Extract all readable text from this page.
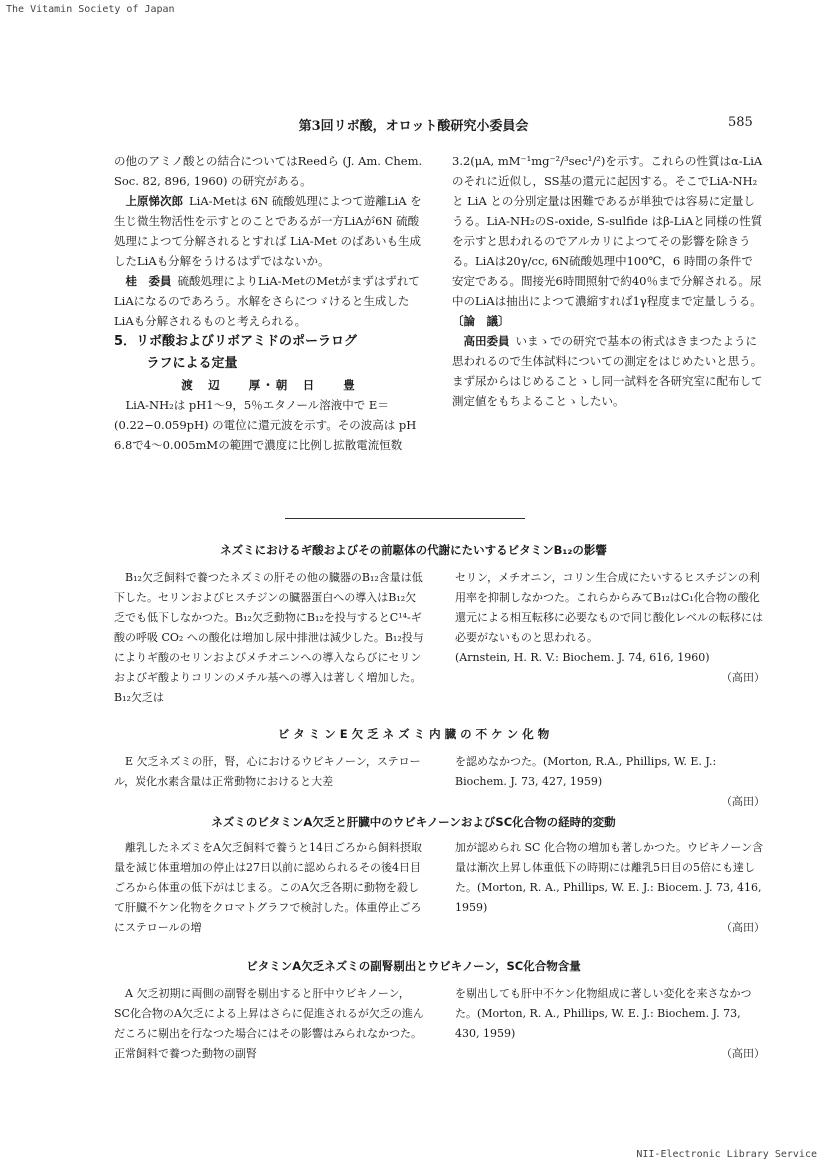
The Vitamin Society of Japan
NII-Electronic Library Service
第3回リボ酸，オロット酸研究小委員会	585

の他のアミノ酸との結合についてはReedら (J. Am. Chem. Soc. 82, 896, 1960) の研究がある。

上原悌次郎 LiA-Metは 6N 硫酸処理によつて遊離LiA を生じ微生物活性を示すとのことであるが一方LiAが6N 硫酸処理によつて分解されるとすれば LiA-Met のばあいも生成したLiAも分解をうけるはずではないか。

桂　委員 硫酸処理によりLiA-MetのMetがまずはずれてLiAになるのであろう。水解をさらにつゞけると生成したLiAも分解されるものと考えられる。

5．リボ酸およびリボアミドのポーラログ

ラフによる定量

渡　辺　　厚・朝　日　　豊

LiA-NH₂は pH1〜9，5％エタノール溶液中で E＝(0.22−0.059pH) の電位に還元波を示す。その波高は pH 6.8で4〜0.005mMの範囲で濃度に比例し拡散電流恒数

3.2(μA, mM⁻¹mg⁻²/³sec¹/²)を示す。これらの性質はα-LiAのそれに近似し，SS基の還元に起因する。そこでLiA-NH₂ と LiA との分別定量は困難であるが単独では容易に定量しうる。LiA-NH₂のS-oxide, S-sulfide はβ-LiAと同様の性質を示すと思われるのでアルカリによつてその影響を除きうる。LiAは20γ/cc, 6N硫酸処理中100℃，6 時間の条件で安定である。間接光6時間照射で約40％まで分解される。尿中のLiAは抽出によつて濃縮すれば1γ程度まで定量しうる。

〔論　議〕

高田委員 いまゝでの研究で基本の術式はきまつたように思われるので生体試料についての測定をはじめたいと思う。まず尿からはじめることゝし同一試料を各研究室に配布して測定値をもちよることゝしたい。

ネズミにおけるギ酸およびその前駆体の代謝にたいするビタミンB₁₂の影響

B₁₂欠乏飼料で養つたネズミの肝その他の臓器のB₁₂含量は低下した。セリンおよびヒスチジンの臓器蛋白への導入はB₁₂欠乏でも低下しなかつた。B₁₂欠乏動物にB₁₂を投与するとC¹⁴-ギ酸の呼吸 CO₂ への酸化は増加し尿中排泄は減少した。B₁₂投与によりギ酸のセリンおよびメチオニンへの導入ならびにセリンおよびギ酸よりコリンのメチル基への導入は著しく増加した。B₁₂欠乏は

セリン，メチオニン，コリン生合成にたいするヒスチジンの利用率を抑制しなかつた。これらからみてB₁₂はC₁化合物の酸化還元による相互転移に必要なもので同じ酸化レベルの転移には必要がないものと思われる。

(Arnstein, H. R. V.: Biochem. J. 74, 616, 1960)

（高田）

ビ タ ミ ン E 欠 乏 ネ ズ ミ 内 臓 の 不 ケ ン 化 物

E 欠乏ネズミの肝，腎，心におけるウビキノーン，ステロール，炭化水素含量は正常動物におけると大差

を認めなかつた。(Morton, R.A., Phillips, W. E. J.: Biochem. J. 73, 427, 1959)

（高田）

ネズミのビタミンA欠乏と肝臓中のウビキノーンおよびSC化合物の経時的変動

離乳したネズミをA欠乏飼料で養うと14日ごろから飼料摂取量を減じ体重増加の停止は27日以前に認められるその後4日目ごろから体重の低下がはじまる。このA欠乏各期に動物を殺して肝臓不ケン化物をクロマトグラフで検討した。体重停止ごろにステロールの増

加が認められ SC 化合物の増加も著しかつた。ウビキノーン含量は漸次上昇し体重低下の時期には離乳5日目の5倍にも達した。(Morton, R. A., Phillips, W. E. J.: Biocem. J. 73, 416, 1959)

（高田）

ビタミンA欠乏ネズミの副腎剔出とウビキノーン，SC化合物含量

A 欠乏初期に両側の副腎を剔出すると肝中ウビキノーン，SC化合物のA欠乏による上昇はさらに促進されるが欠乏の進んだころに剔出を行なつた場合にはその影響はみられなかつた。正常飼料で養つた動物の副腎

を剔出しても肝中不ケン化物組成に著しい変化を来さなかつた。(Morton, R. A., Phillips, W. E. J.: Biochem. J. 73, 430, 1959)

（高田）
